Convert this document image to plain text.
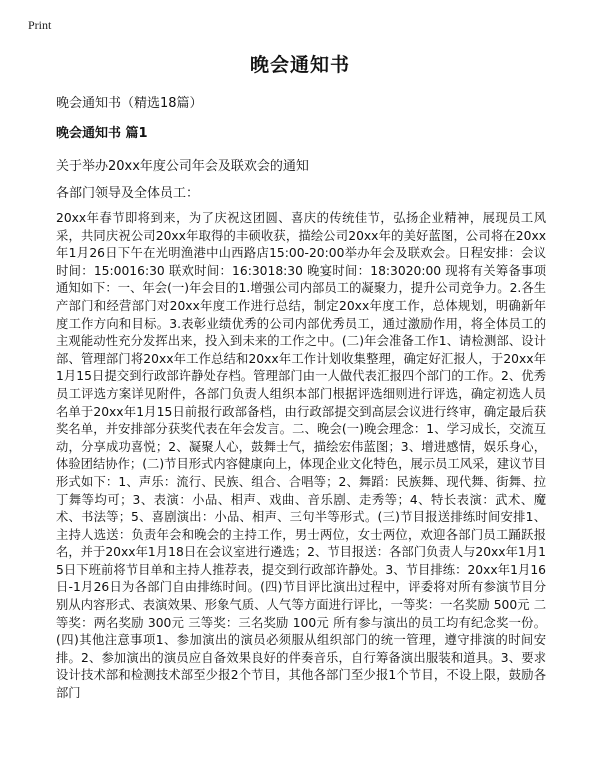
Print
晚会通知书
晚会通知书（精选18篇）
晚会通知书 篇1
关于举办20xx年度公司年会及联欢会的通知
各部门领导及全体员工：
20xx年春节即将到来，为了庆祝这团圆、喜庆的传统佳节，弘扬企业精神，展现员工风采，共同庆祝公司20xx年取得的丰硕收获，描绘公司20xx年的美好蓝图，公司将在20xx年1月26日下午在光明渔港中山西路店15:00-20:00举办年会及联欢会。日程安排：会议时间：15:0016:30 联欢时间：16:3018:30 晚宴时间：18:3020:00 现将有关筹备事项通知如下：一、年会(一)年会目的1.增强公司内部员工的凝聚力，提升公司竞争力。2.各生产部门和经营部门对20xx年度工作进行总结，制定20xx年度工作，总体规划，明确新年度工作方向和目标。3.表彰业绩优秀的公司内部优秀员工，通过激励作用，将全体员工的主观能动性充分发挥出来，投入到未来的工作之中。(二)年会准备工作1、请检测部、设计部、管理部门将20xx年工作总结和20xx年工作计划收集整理，确定好汇报人，于20xx年1月15日提交到行政部许静处存档。管理部门由一人做代表汇报四个部门的工作。2、优秀员工评选方案详见附件，各部门负责人组织本部门根据评选细则进行评选，确定初选人员名单于20xx年1月15日前报行政部备档，由行政部提交到高层会议进行终审，确定最后获奖名单，并安排部分获奖代表在年会发言。二、晚会(一)晚会理念：1、学习成长，交流互动，分享成功喜悦；2、凝聚人心，鼓舞士气，描绘宏伟蓝图；3、增进感情，娱乐身心，体验团结协作；(二)节目形式内容健康向上，体现企业文化特色，展示员工风采，建议节目形式如下：1、声乐：流行、民族、组合、合唱等；2、舞蹈：民族舞、现代舞、街舞、拉丁舞等均可；3、表演：小品、相声、戏曲、音乐剧、走秀等；4、特长表演：武术、魔术、书法等；5、喜剧演出：小品、相声、三句半等形式。(三)节目报送排练时间安排1、主持人选送：负责年会和晚会的主持工作，男士两位，女士两位，欢迎各部门员工踊跃报名，并于20xx年1月18日在会议室进行遴选；2、节目报送：各部门负责人与20xx年1月15日下班前将节目单和主持人推荐表，提交到行政部许静处。3、节目排练：20xx年1月16日-1月26日为各部门自由排练时间。(四)节目评比演出过程中，评委将对所有参演节目分别从内容形式、表演效果、形象气质、人气等方面进行评比，一等奖：一名奖励 500元 二等奖：两名奖励 300元 三等奖：三名奖励 100元 所有参与演出的员工均有纪念奖一份。(四)其他注意事项1、参加演出的演员必须服从组织部门的统一管理，遵守排演的时间安排。2、参加演出的演员应自备效果良好的伴奏音乐，自行筹备演出服装和道具。3、要求设计技术部和检测技术部至少报2个节目，其他各部门至少报1个节目，不设上限，鼓励各部门
